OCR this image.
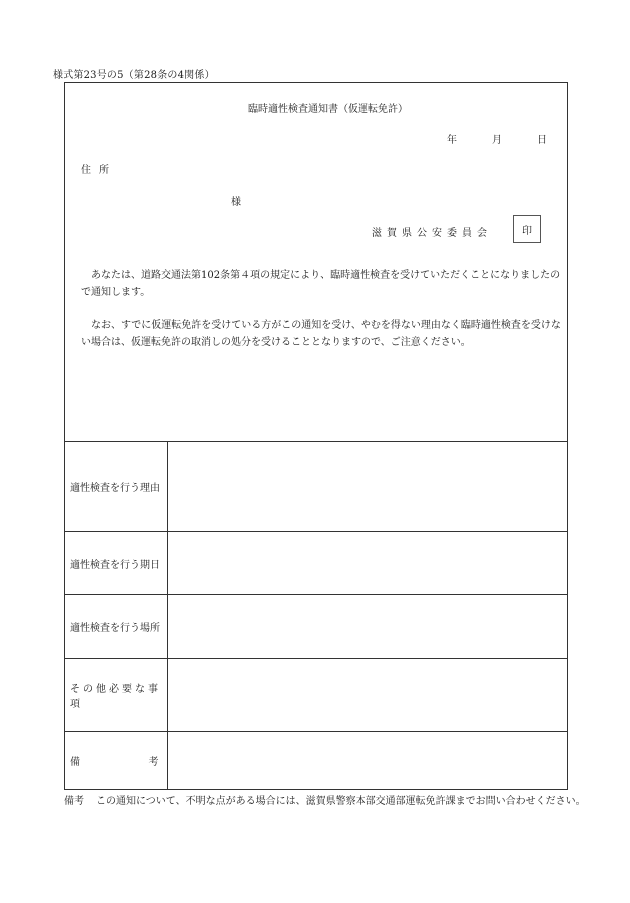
様式第23号の5（第28条の4関係）
臨時適性検査通知書（仮運転免許）
年	月	日
住所
様
滋賀県公安委員会	印
あなたは、道路交通法第102条第４項の規定により、臨時適性検査を受けていただくことになりましたので通知します。
なお、すでに仮運転免許を受けている方がこの通知を受け、やむを得ない理由なく臨時適性検査を受けない場合は、仮運転免許の取消しの処分を受けることとなりますので、ご注意ください。
適性検査を行う理由	
適性検査を行う期日	
適性検査を行う場所	
その他必要な事項	

備 考	

備考 この通知について、不明な点がある場合には、滋賀県警察本部交通部運転免許課までお問い合わせください。
